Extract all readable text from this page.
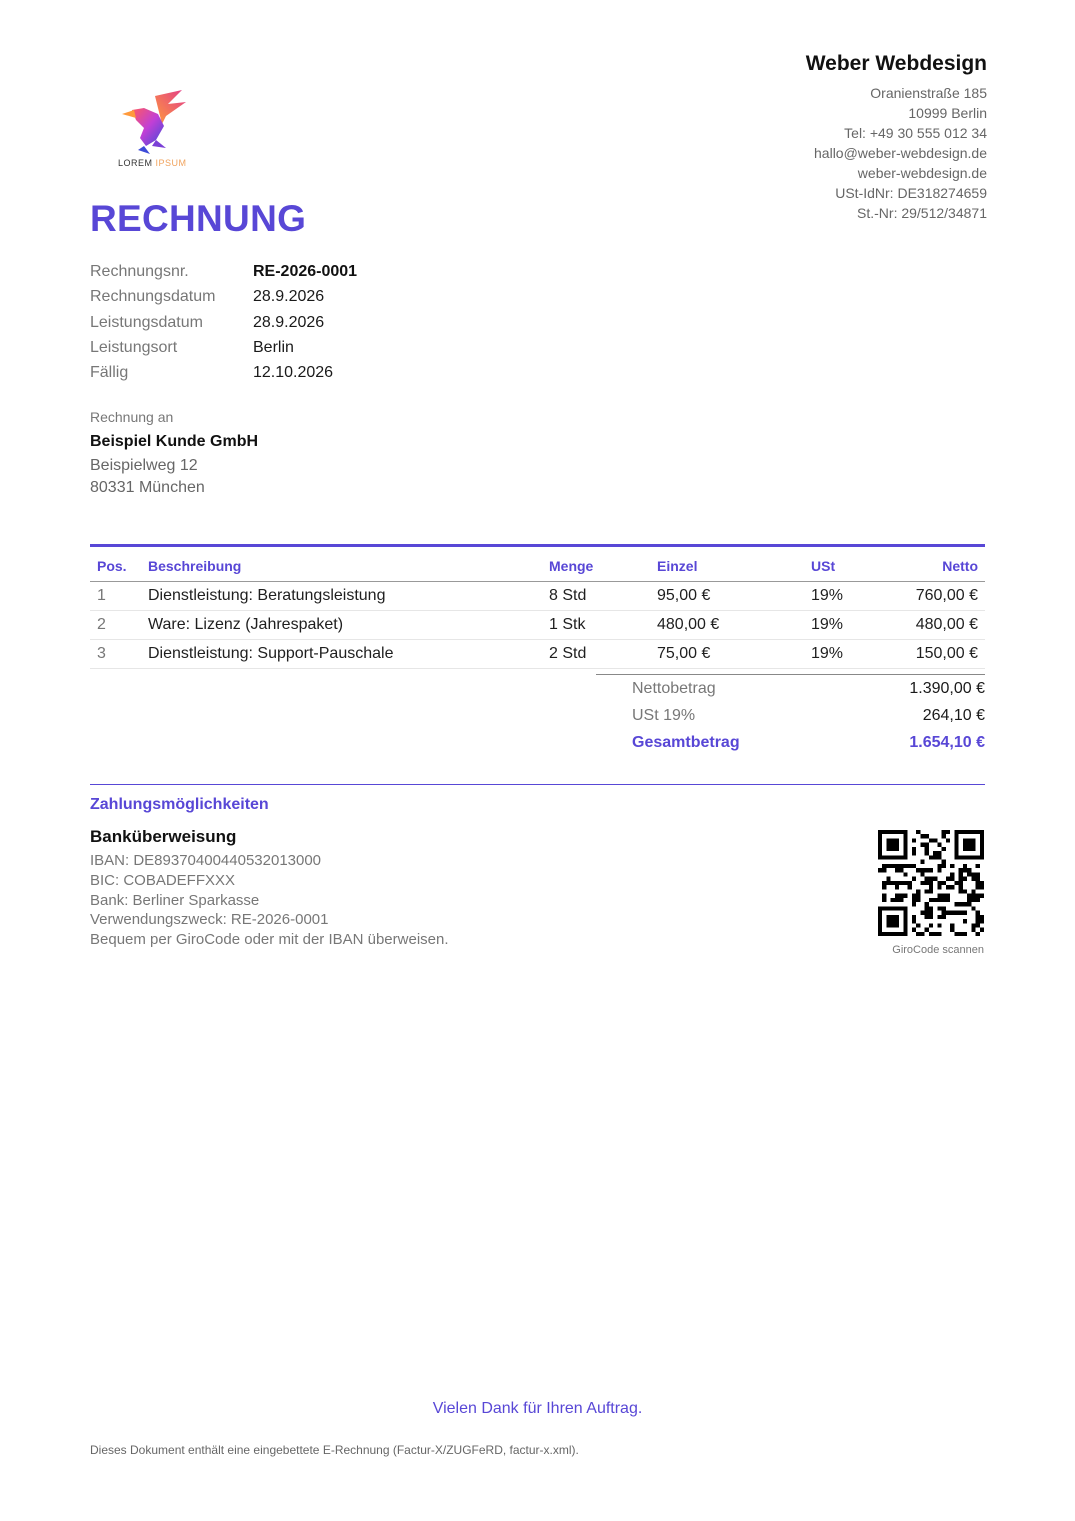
LOREM IPSUM
Weber Webdesign
Oranienstraße 185
10999 Berlin
Tel: +49 30 555 012 34
hallo@weber-webdesign.de
weber-webdesign.de
USt-IdNr: DE318274659
St.-Nr: 29/512/34871
RECHNUNG
Rechnungsnr.	RE-2026-0001
Rechnungsdatum	28.9.2026
Leistungsdatum	28.9.2026
Leistungsort	Berlin
Fällig	12.10.2026
Rechnung an
Beispiel Kunde GmbH
Beispielweg 12
80331 München
Pos.	Beschreibung	Menge	Einzel	USt	Netto
1	Dienstleistung: Beratungsleistung	8 Std	95,00 €	19%	760,00 €
2	Ware: Lizenz (Jahrespaket)	1 Stk	480,00 €	19%	480,00 €
3	Dienstleistung: Support-Pauschale	2 Std	75,00 €	19%	150,00 €
Nettobetrag	1.390,00 €
USt 19%	264,10 €
Gesamtbetrag	1.654,10 €
Zahlungsmöglichkeiten
Banküberweisung
IBAN: DE89370400440532013000
BIC: COBADEFFXXX
Bank: Berliner Sparkasse
Verwendungszweck: RE-2026-0001
Bequem per GiroCode oder mit der IBAN überweisen.
GiroCode scannen
Vielen Dank für Ihren Auftrag.
Dieses Dokument enthält eine eingebettete E-Rechnung (Factur-X/ZUGFeRD, factur-x.xml).
